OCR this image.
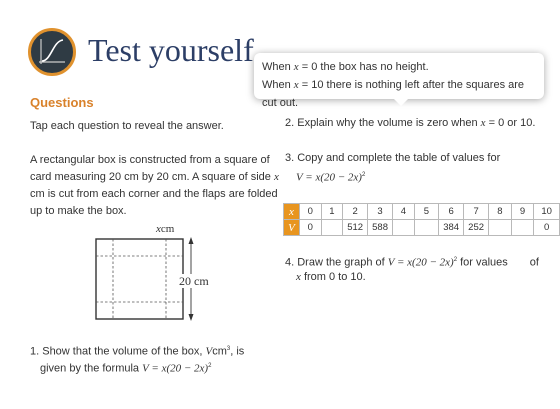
Test yourself
Questions
Tap each question to reveal the answer.
A rectangular box is constructed from a square of
card measuring 20 cm by 20 cm. A square of side x
cm is cut from each corner and the flaps are folded
up to make the box.
xcm
20 cm
1. Show that the volume of the box, Vcm$^3$, is
given by the formula $V = x(20 - 2x)^2$
When x = 0 the box has no height.
When x = 10 there is nothing left after the squares are cut out.
2. Explain why the volume is zero when x = 0 or 10.
3. Copy and complete the table of values for
$V = x(20 - 2x)^2$
x	0	1	2	3	4	5	6	7	8	9	10
V	0		512	588			384	252			0
4. Draw the graph of $V = x(20 - 2x)^2$ for values of
x from 0 to 10.
